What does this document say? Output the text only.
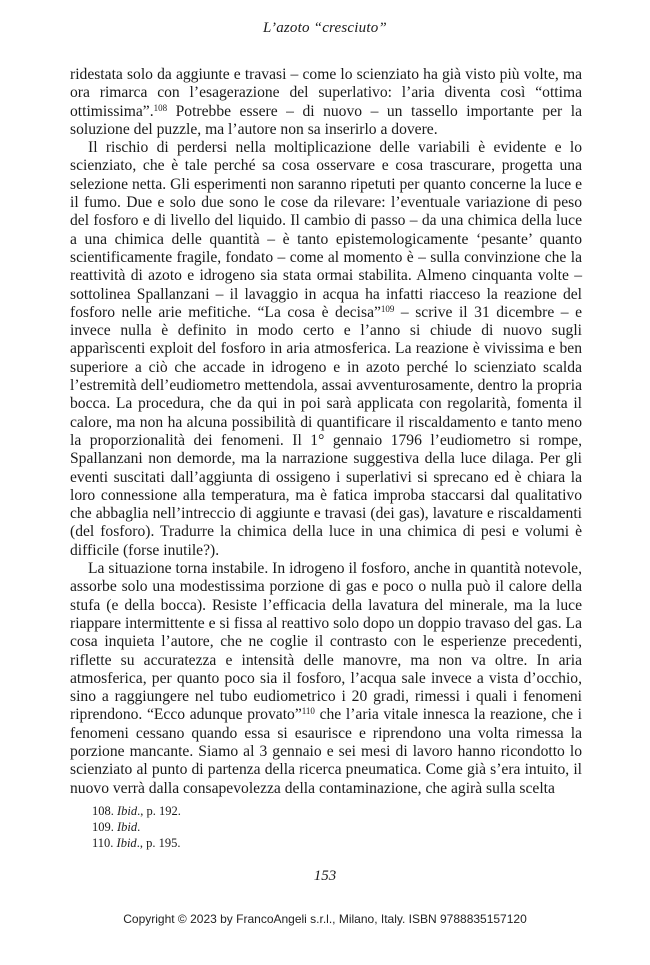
L’azoto “cresciuto”

ridestata solo da aggiunte e travasi – come lo scienziato ha già visto più volte, ma ora rimarca con l’esagerazione del superlativo: l’aria diventa così “ottima ottimissima”.$^{108}$ Potrebbe essere – di nuovo – un tassello importante per la soluzione del puzzle, ma l’autore non sa inserirlo a dovere.

Il rischio di perdersi nella moltiplicazione delle variabili è evidente e lo scienziato, che è tale perché sa cosa osservare e cosa trascurare, progetta una selezione netta. Gli esperimenti non saranno ripetuti per quanto concerne la luce e il fumo. Due e solo due sono le cose da rilevare: l’eventuale variazione di peso del fosforo e di livello del liquido. Il cambio di passo – da una chimica della luce a una chimica delle quantità – è tanto epistemologicamente ‘pesante’ quanto scientificamente fragile, fondato – come al momento è – sulla convinzione che la reattività di azoto e idrogeno sia stata ormai stabilita. Almeno cinquanta volte – sottolinea Spallanzani – il lavaggio in acqua ha infatti riacceso la reazione del fosforo nelle arie mefitiche. “La cosa è decisa”$^{109}$ – scrive il 31 dicembre – e invece nulla è definito in modo certo e l’anno si chiude di nuovo sugli apparìscenti exploit del fosforo in aria atmosferica. La reazione è vivissima e ben superiore a ciò che accade in idrogeno e in azoto perché lo scienziato scalda l’estremità dell’eudiometro mettendola, assai avventurosamente, dentro la propria bocca. La procedura, che da qui in poi sarà applicata con regolarità, fomenta il calore, ma non ha alcuna possibilità di quantificare il riscaldamento e tanto meno la proporzionalità dei fenomeni. Il 1° gennaio 1796 l’eudiometro si rompe, Spallanzani non demorde, ma la narrazione suggestiva della luce dilaga. Per gli eventi suscitati dall’aggiunta di ossigeno i superlativi si sprecano ed è chiara la loro connessione alla temperatura, ma è fatica improba staccarsi dal qualitativo che abbaglia nell’intreccio di aggiunte e travasi (dei gas), lavature e riscaldamenti (del fosforo). Tradurre la chimica della luce in una chimica di pesi e volumi è difficile (forse inutile?).

La situazione torna instabile. In idrogeno il fosforo, anche in quantità notevole, assorbe solo una modestissima porzione di gas e poco o nulla può il calore della stufa (e della bocca). Resiste l’efficacia della lavatura del minerale, ma la luce riappare intermittente e si fissa al reattivo solo dopo un doppio travaso del gas. La cosa inquieta l’autore, che ne coglie il contrasto con le esperienze precedenti, riflette su accuratezza e intensità delle manovre, ma non va oltre. In aria atmosferica, per quanto poco sia il fosforo, l’acqua sale invece a vista d’occhio, sino a raggiungere nel tubo eudiometrico i 20 gradi, rimessi i quali i fenomeni riprendono. “Ecco adunque provato”$^{110}$ che l’aria vitale innesca la reazione, che i fenomeni cessano quando essa si esaurisce e riprendono una volta rimessa la porzione mancante. Siamo al 3 gennaio e sei mesi di lavoro hanno ricondotto lo scienziato al punto di partenza della ricerca pneumatica. Come già s’era intuito, il nuovo verrà dalla consapevolezza della contaminazione, che agirà sulla scelta

108. Ibid., p. 192.
109. Ibid.
110. Ibid., p. 195.
153
Copyright © 2023 by FrancoAngeli s.r.l., Milano, Italy. ISBN 9788835157120
